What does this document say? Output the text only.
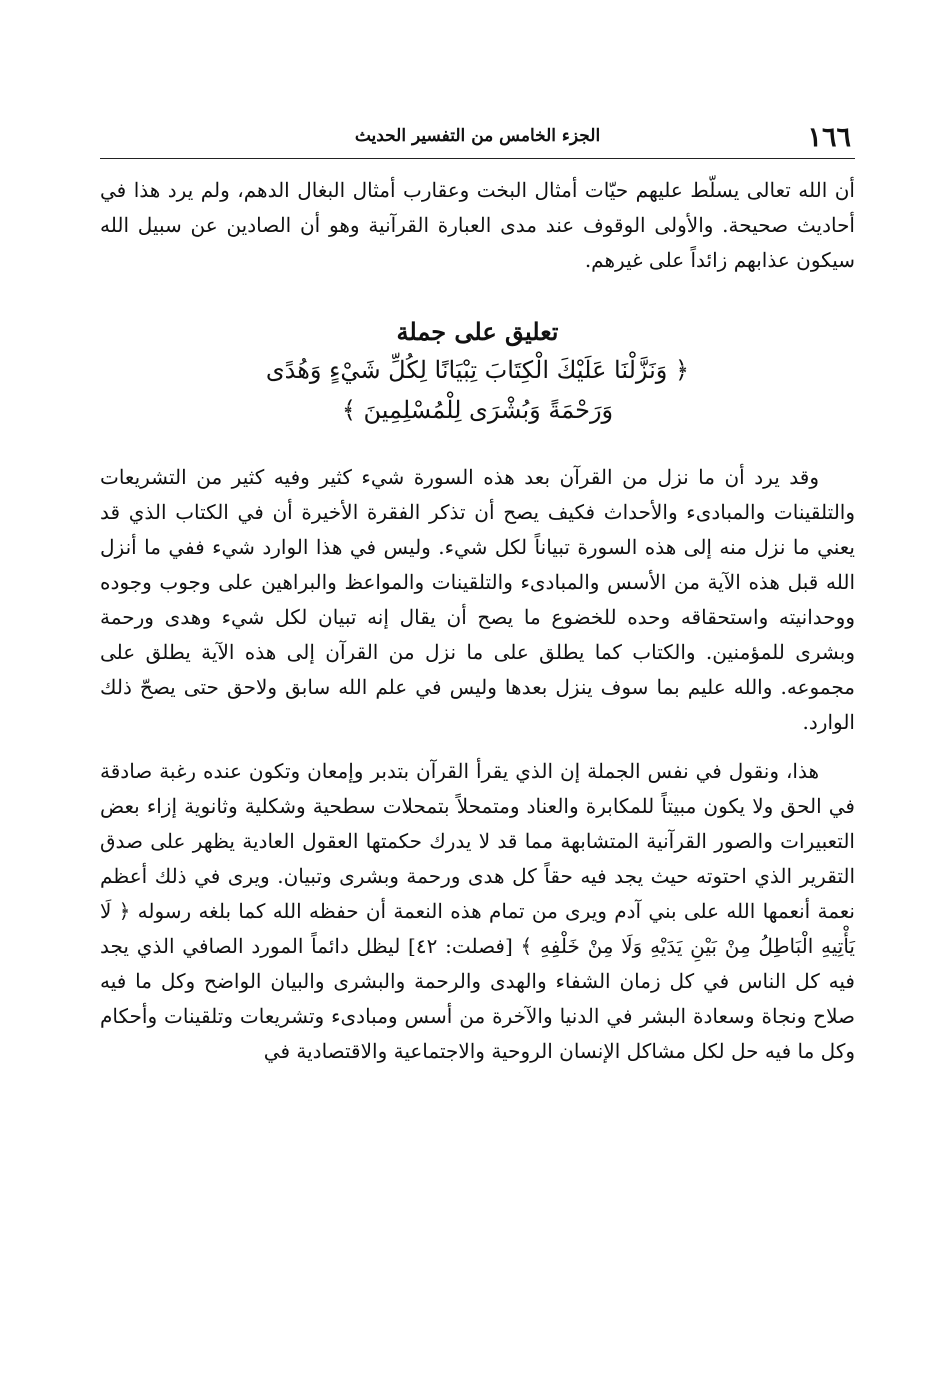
١٦٦
الجزء الخامس من التفسير الحديث

أن الله تعالى يسلّط عليهم حيّات أمثال البخت وعقارب أمثال البغال الدهم، ولم يرد هذا في أحاديث صحيحة. والأولى الوقوف عند مدى العبارة القرآنية وهو أن الصادين عن سبيل الله سيكون عذابهم زائداً على غيرهم.

تعليق على جملة
﴿ وَنَزَّلْنَا عَلَيْكَ الْكِتَابَ تِبْيَانًا لِكُلِّ شَيْءٍ وَهُدًى
وَرَحْمَةً وَبُشْرَى لِلْمُسْلِمِينَ ﴾

وقد يرد أن ما نزل من القرآن بعد هذه السورة شيء كثير وفيه كثير من التشريعات والتلقينات والمبادىء والأحداث فكيف يصح أن تذكر الفقرة الأخيرة أن في الكتاب الذي قد يعني ما نزل منه إلى هذه السورة تبياناً لكل شيء. وليس في هذا الوارد شيء ففي ما أنزل الله قبل هذه الآية من الأسس والمبادىء والتلقينات والمواعظ والبراهين على وجوب وجوده ووحدانيته واستحقاقه وحده للخضوع ما يصح أن يقال إنه تبيان لكل شيء وهدى ورحمة وبشرى للمؤمنين. والكتاب كما يطلق على ما نزل من القرآن إلى هذه الآية يطلق على مجموعه. والله عليم بما سوف ينزل بعدها وليس في علم الله سابق ولاحق حتى يصحّ ذلك الوارد.

هذا، ونقول في نفس الجملة إن الذي يقرأ القرآن بتدبر وإمعان وتكون عنده رغبة صادقة في الحق ولا يكون مبيتاً للمكابرة والعناد ومتمحلاً بتمحلات سطحية وشكلية وثانوية إزاء بعض التعبيرات والصور القرآنية المتشابهة مما قد لا يدرك حكمتها العقول العادية يظهر على صدق التقرير الذي احتوته حيث يجد فيه حقاً كل هدى ورحمة وبشرى وتبيان. ويرى في ذلك أعظم نعمة أنعمها الله على بني آدم ويرى من تمام هذه النعمة أن حفظه الله كما بلغه رسوله ﴿ لَا يَأْتِيهِ الْبَاطِلُ مِنْ بَيْنِ يَدَيْهِ وَلَا مِنْ خَلْفِهِ ﴾ [فصلت: ٤٢] ليظل دائماً المورد الصافي الذي يجد فيه كل الناس في كل زمان الشفاء والهدى والرحمة والبشرى والبيان الواضح وكل ما فيه صلاح ونجاة وسعادة البشر في الدنيا والآخرة من أسس ومبادىء وتشريعات وتلقينات وأحكام وكل ما فيه حل لكل مشاكل الإنسان الروحية والاجتماعية والاقتصادية في
